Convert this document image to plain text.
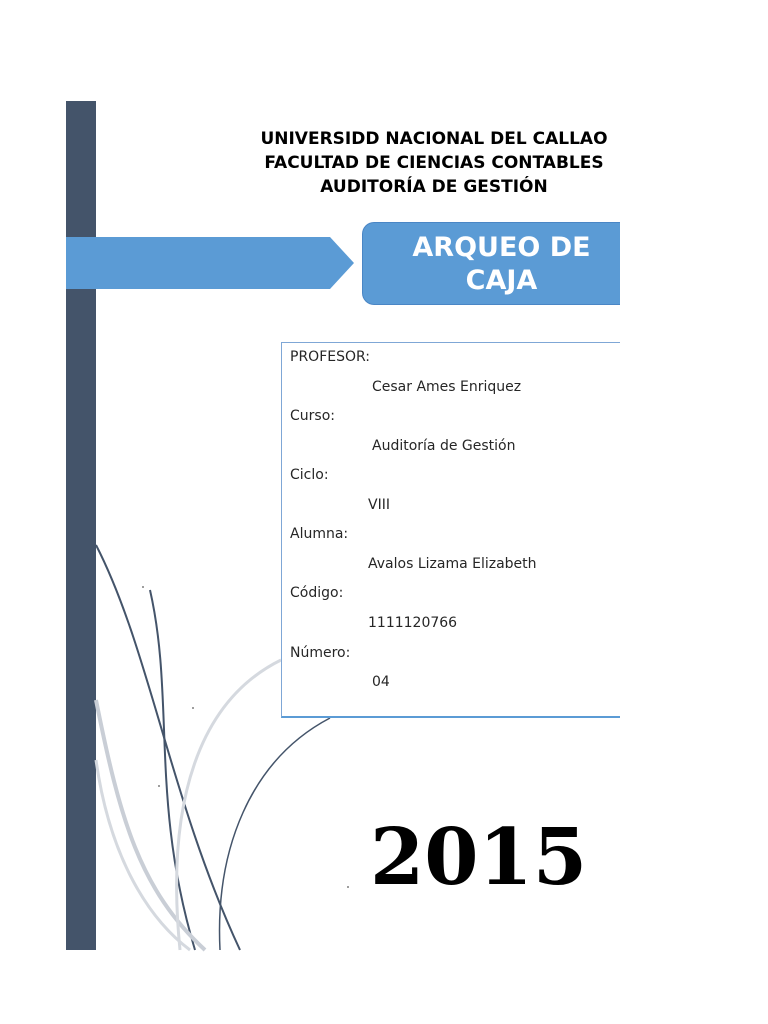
UNIVERSIDD NACIONAL DEL CALLAO
FACULTAD DE CIENCIAS CONTABLES
AUDITORÍA DE GESTIÓN
ARQUEO DE
CAJA
PROFESOR:
Cesar Ames Enriquez
Curso:
Auditoría de Gestión
Ciclo:
VIII
Alumna:
Avalos Lizama Elizabeth
Código:
1111120766
Número:
04
2015
